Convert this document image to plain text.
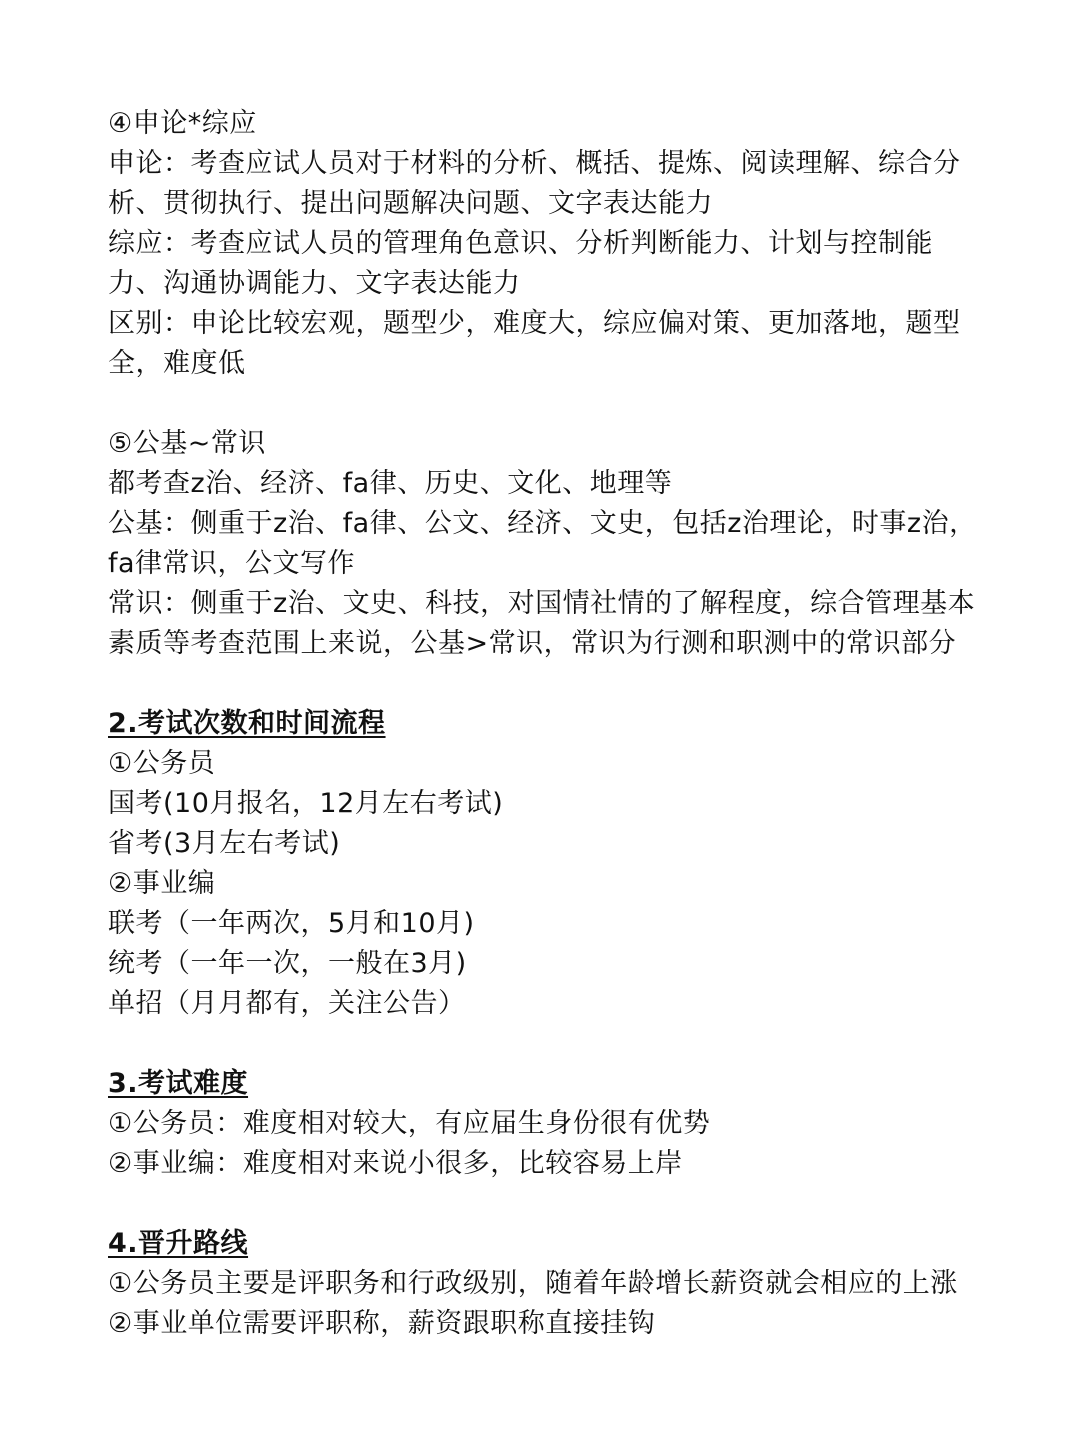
④申论*综应

申论：考查应试人员对于材料的分析、概括、提炼、阅读理解、综合分析、贯彻执行、提出问题解决问题、文字表达能力

综应：考查应试人员的管理角色意识、分析判断能力、计划与控制能力、沟通协调能力、文字表达能力

区别：申论比较宏观，题型少，难度大，综应偏对策、更加落地，题型全，难度低

⑤公基~常识

都考查z治、经济、fa律、历史、文化、地理等

公基：侧重于z治、fa律、公文、经济、文史，包括z治理论，时事z治，fa律常识，公文写作

常识：侧重于z治、文史、科技，对国情社情的了解程度，综合管理基本素质等考查范围上来说，公基>常识，常识为行测和职测中的常识部分

2.考试次数和时间流程

①公务员

国考(10月报名，12月左右考试)

省考(3月左右考试)

②事业编

联考（一年两次，5月和10月)

统考（一年一次，一般在3月)

单招（月月都有，关注公告）

3.考试难度

①公务员：难度相对较大，有应届生身份很有优势

②事业编：难度相对来说小很多，比较容易上岸

4.晋升路线

①公务员主要是评职务和行政级别，随着年龄增长薪资就会相应的上涨

②事业单位需要评职称，薪资跟职称直接挂钩
